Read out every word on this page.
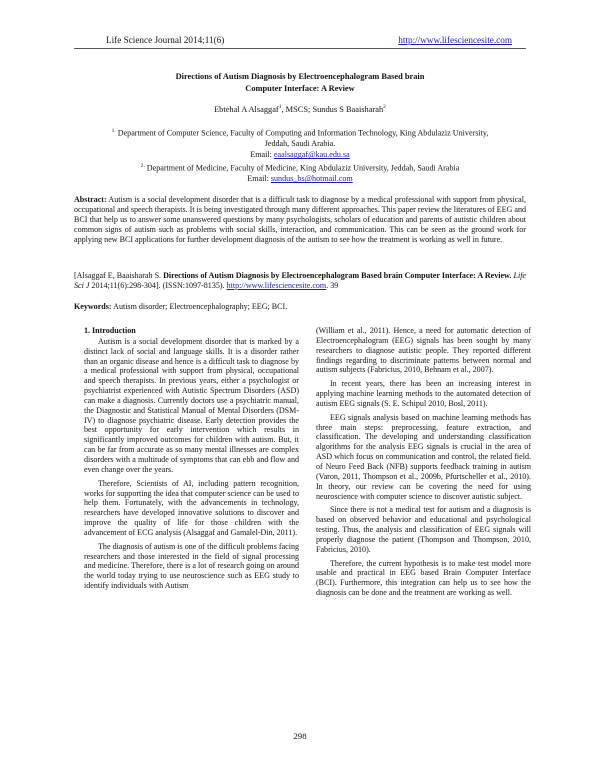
Life Science Journal 2014;11(6)	http://www.lifesciencesite.com
Directions of Autism Diagnosis by Electroencephalogram Based brain
Computer Interface: A Review
Ebtehal A Alsaggaf$^1$, MSCS; Sundus S Baaisharah$^2$
$^{1.}$ Department of Computer Science, Faculty of Computing and Information Technology, King Abdulaziz University, Jeddah, Saudi Arabia.
Email: eaalsaggaf@kau.edu.sa
$^{2.}$ Department of Medicine, Faculty of Medicine, King Abdulaziz University, Jeddah, Saudi Arabia
Email: sundus_bs@hotmail.com
Abstract: Autism is a social development disorder that is a difficult task to diagnose by a medical professional with support from physical, occupational and speech therapists. It is being investigated through many different approaches. This paper review the literatures of EEG and BCI that help us to answer some unanswered questions by many psychologists, scholars of education and parents of autistic children about common signs of autism such as problems with social skills, interaction, and communication. This can be seen as the ground work for applying new BCI applications for further development diagnosis of the autism to see how the treatment is working as well in future.
[Alsaggaf E, Baaisharah S. Directions of Autism Diagnosis by Electroencephalogram Based brain Computer Interface: A Review. Life Sci J 2014;11(6):298-304]. (ISSN:1097-8135). http://www.lifesciencesite.com. 39
Keywords: Autism disorder; Electroencephalography; EEG; BCI.
1. Introduction

Autism is a social development disorder that is marked by a distinct lack of social and language skills. It is a disorder rather than an organic disease and hence is a difficult task to diagnose by a medical professional with support from physical, occupational and speech therapists. In previous years, either a psychologist or psychiatrist experienced with Autistic Spectrum Disorders (ASD) can make a diagnosis. Currently doctors use a psychiatric manual, the Diagnostic and Statistical Manual of Mental Disorders (DSM-IV) to diagnose psychiatric disease. Early detection provides the best opportunity for early intervention which results in significantly improved outcomes for children with autism. But, it can be far from accurate as so many mental illnesses are complex disorders with a multitude of symptoms that can ebb and flow and even change over the years.

Therefore, Scientists of AI, including pattern recognition, works for supporting the idea that computer science can be used to help them. Fortunately, with the advancements in technology, researchers have developed innovative solutions to discover and improve the quality of life for those children with the advancement of ECG analysis (Alsaggaf and Gamalel-Din, 2011).

The diagnosis of autism is one of the difficult problems facing researchers and those interested in the field of signal processing and medicine. Therefore, there is a lot of research going on around the world today trying to use neuroscience such as EEG study to identify individuals with Autism

(William et al., 2011). Hence, a need for automatic detection of Electroencephalogram (EEG) signals has been sought by many researchers to diagnose autistic people. They reported different findings regarding to discriminate patterns between normal and autism subjects (Fabricius, 2010, Behnam et al., 2007).

In recent years, there has been an increasing interest in applying machine learning methods to the automated detection of autism EEG signals (S. E. Schipul 2010, Bosl, 2011).

EEG signals analysis based on machine learning methods has three main steps: preprocessing, feature extraction, and classification. The developing and understanding classification algorithms for the analysis EEG signals is crucial in the area of ASD which focus on communication and control, the related field. of Neuro Feed Back (NFB) supports feedback training in autism (Varon, 2011, Thompson et al., 2009b, Pfurtscheller et al., 2010). In theory, our review can be covering the need for using neuroscience with computer science to discover autistic subject.

Since there is not a medical test for autism and a diagnosis is based on observed behavior and educational and psychological testing. Thus, the analysis and classification of EEG signals will properly diagnose the patient (Thompson and Thompson, 2010, Fabricius, 2010).

Therefore, the current hypothesis is to make test model more usable and practical in EEG based Brain Computer Interface (BCI). Furthermore, this integration can help us to see how the diagnosis can be done and the treatment are working as well.

298
